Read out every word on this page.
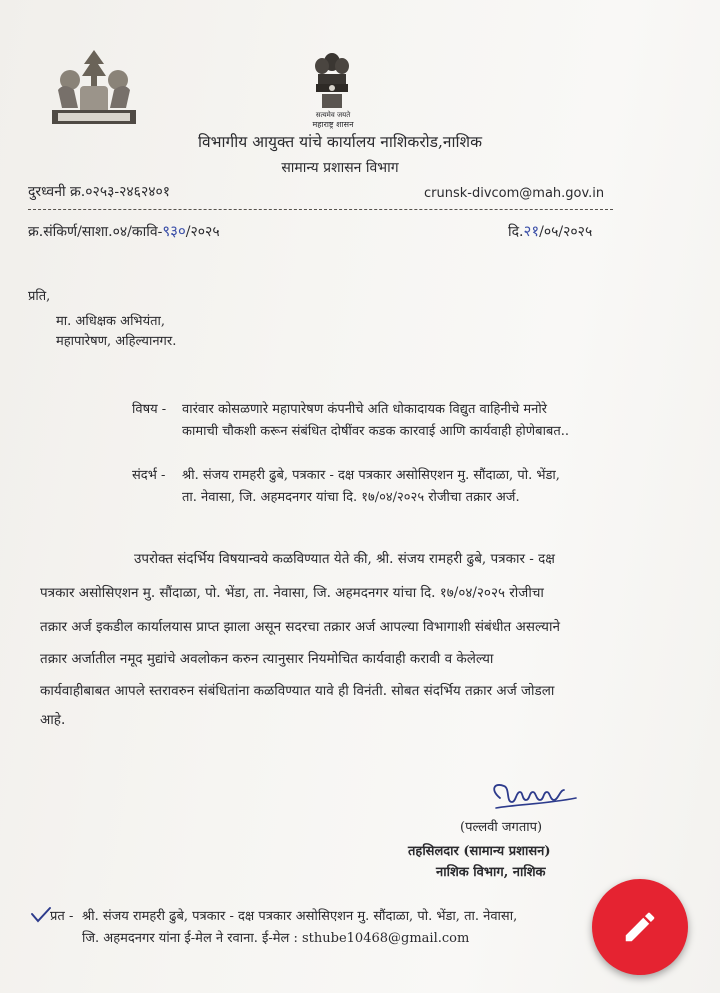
सत्यमेव जयते
महाराष्ट्र शासन
विभागीय आयुक्त यांचे कार्यालय नाशिकरोड,नाशिक
सामान्य प्रशासन विभाग
दुरध्वनी क्र.०२५३-२४६२४०१	crunsk-divcom@mah.gov.in
क्र.संकिर्ण/साशा.०४/कावि-९३०/२०२५	दि.२१/०५/२०२५
प्रति,
मा. अधिक्षक अभियंता,
महापारेषण, अहिल्यानगर.
विषय - वारंवार कोसळणारे महापारेषण कंपनीचे अति धोकादायक विद्युत वाहिनीचे मनोरे
कामाची चौकशी करून संबंधित दोषींवर कडक कारवाई आणि कार्यवाही होणेबाबत..
संदर्भ - श्री. संजय रामहरी ढुबे, पत्रकार - दक्ष पत्रकार असोसिएशन मु. सौंदाळा, पो. भेंडा,
ता. नेवासा, जि. अहमदनगर यांचा दि. १७/०४/२०२५ रोजीचा तक्रार अर्ज.
उपरोक्त संदर्भिय विषयान्वये कळविण्यात येते की, श्री. संजय रामहरी ढुबे, पत्रकार - दक्ष
पत्रकार असोसिएशन मु. सौंदाळा, पो. भेंडा, ता. नेवासा, जि. अहमदनगर यांचा दि. १७/०४/२०२५ रोजीचा
तक्रार अर्ज इकडील कार्यालयास प्राप्त झाला असून सदरचा तक्रार अर्ज आपल्या विभागाशी संबंधीत असल्याने
तक्रार अर्जातील नमूद मुद्यांचे अवलोकन करुन त्यानुसार नियमोचित कार्यवाही करावी व केलेल्या
कार्यवाहीबाबत आपले स्तरावरुन संबंधितांना कळविण्यात यावे ही विनंती. सोबत संदर्भिय तक्रार अर्ज जोडला
आहे.
(पल्लवी जगताप)
तहसिलदार (सामान्य प्रशासन)
नाशिक विभाग, नाशिक
प्रत - श्री. संजय रामहरी ढुबे, पत्रकार - दक्ष पत्रकार असोसिएशन मु. सौंदाळा, पो. भेंडा, ता. नेवासा,
जि. अहमदनगर यांना ई-मेल ने रवाना. ई-मेल : sthube10468@gmail.com
